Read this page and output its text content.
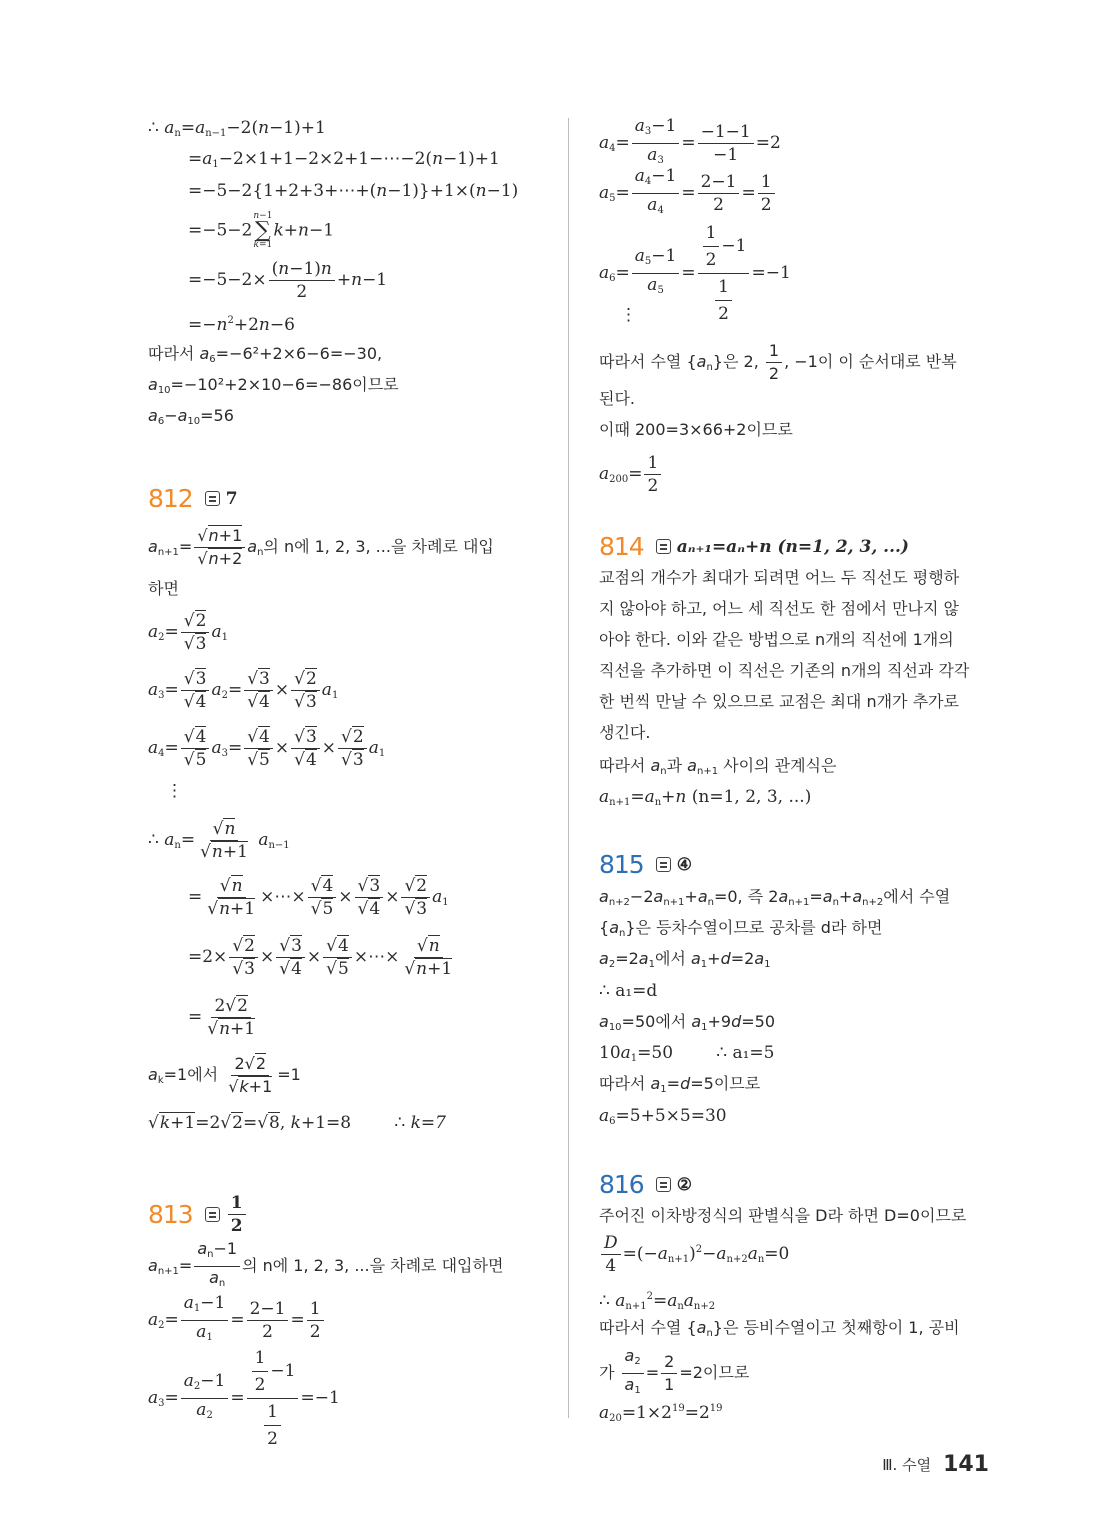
∴ $a_n=a_{n-1}-2(n-1)+1$
$=a_1-2\times 1+1-2\times 2+1-\cdots-2(n-1)+1$
=−5−2{1+2+3+⋯+(n−1)}+1×(n−1)
=−5−2
n−1
∑
k=1
k+n−1
$=-5-2\times \frac{(n-1)n}{2} +n-1$
$=-n^2+2n-6$
따라서 $a_6=-6^2+2\times 6-6=-30$,
$a_{10}=-10^2+2\times 10-6=-86$이므로
$a_6-a_{10}=56$
812 7
$a_{n+1}= \frac{√n+1}{√n+2} a_n$의 n에 1, 2, 3, ...을 차례로 대입
하면
$a_2= \frac{√2}{√3} a_1$
$a_3= \frac{√3}{√4} a_2= \frac{√3}{√4} \times \frac{√2}{√3} a_1$
$a_4= \frac{√4}{√5} a_3= \frac{√4}{√5} \times \frac{√3}{√4} \times \frac{√2}{√3} a_1$
⋮
∴ $a_n= \frac{√n}{√n+1} a_{n-1}$
= $\frac{√n}{√n+1}$ ×⋯× $\frac{√4}{√5} \times \frac{√3}{√4} \times \frac{√2}{√3} a_1$
$=2\times \frac{√2}{√3} \times \frac{√3}{√4} \times \frac{√4}{√5}$ ×⋯× $\frac{√n}{√n+1}$
= $\frac{2√2}{√n+1}$
$a_k=1$에서 $\frac{2√2}{√k+1} =1$
√k+1=2√2=√8, k+1=8        ∴ k=7
$813 \frac{1}{2}$
$a_{n+1}= \frac{a_n-1}{a_n}$ 의 n에 1, 2, 3, ...을 차례로 대입하면
$a_2= \frac{a_1-1}{a_1} = \frac{2-1}{2} = \frac{1}{2}$
$a_3= \frac{a_2-1}{a_2} = \frac{\frac{1}{2} -1}{\frac{1}{2}} =-1$
$a_4= \frac{a_3-1}{a_3} = \frac{-1-1}{-1} =2$
$a_5= \frac{a_4-1}{a_4} = \frac{2-1}{2} = \frac{1}{2}$
$a_6= \frac{a_5-1}{a_5} = \frac{\frac{1}{2} -1}{\frac{1}{2}} =-1$
⋮
따라서 수열 $\{a_n\}$은 2, $\frac{1}{2}$ , −1이 이 순서대로 반복
된다.
이때 200=3×66+2이므로
$a_{200}= \frac{1}{2}$
814 aₙ₊₁=aₙ+n (n=1, 2, 3, ...)
교점의 개수가 최대가 되려면 어느 두 직선도 평행하
지 않아야 하고, 어느 세 직선도 한 점에서 만나지 않
아야 한다. 이와 같은 방법으로 n개의 직선에 1개의
직선을 추가하면 이 직선은 기존의 n개의 직선과 각각
한 번씩 만날 수 있으므로 교점은 최대 n개가 추가로
생긴다.
따라서 $a_n$과 $a_{n+1}$ 사이의 관계식은
$a_{n+1}=a_n+n$ (n=1, 2, 3, ...)
815 ④
$a_{n+2}-2a_{n+1}+a_n=0$, 즉 $2a_{n+1}=a_n+a_{n+2}$에서 수열
$\{a_n\}$은 등차수열이므로 공차를 d라 하면
$a_2=2a_1$에서 $a_1+d=2a_1$
∴ a₁=d
$a_{10}=50$에서 $a_1+9d=50$
$10a_1=50$        ∴ a₁=5
따라서 $a_1=d=5$이므로
$a_6=5+5\times 5=30$
816 ②
주어진 이차방정식의 판별식을 D라 하면 D=0이므로
$\frac{D}{4} =(-a_{n+1})^2-a_{n+2}a_n=0$
∴ $a_{n+1}^2=a_na_{n+2}$
따라서 수열 $\{a_n\}$은 등비수열이고 첫째항이 1, 공비
가 $\frac{a_2}{a_1} = \frac{2}{1} =2$이므로
$a_{20}=1\times 2^{19}=2^{19}$
Ⅲ. 수열 141
